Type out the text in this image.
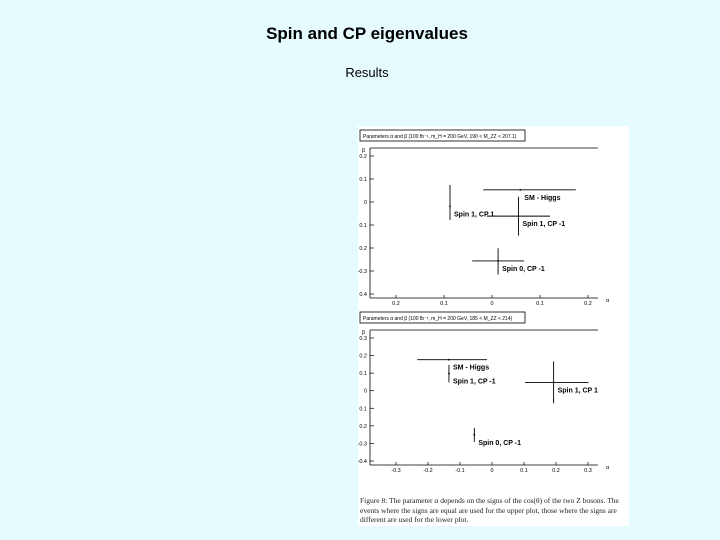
Spin and CP eigenvalues
Results
Parameters α and β (100 fb⁻¹, m_H = 200 GeV, 190 < M_ZZ < 207.1)
0.2
0.1
0
0.1
0.2
-0.3
0.4
0.2	0.1	0	0.1	0.2	α
β
SM - Higgs
Spin 1, CP 1
Spin 1, CP -1
Spin 0, CP -1
Parameters α and β (100 fb⁻¹, m_H = 200 GeV, 185 < M_ZZ < 214)
0.3
0.2
0.1
0
0.1
0.2
-0.3
-0.4
-0.3	-0.2	-0.1	0	0.1	0.2	0.3	α
β
SM - Higgs
Spin 1, CP -1
Spin 1, CP 1
Spin 0, CP -1
Figure 8: The parameter α depends on the signs of the cos(θ) of the two Z bosons. The events where the signs are equal are used for the upper plot, those where the signs are different are used for the lower plot.
